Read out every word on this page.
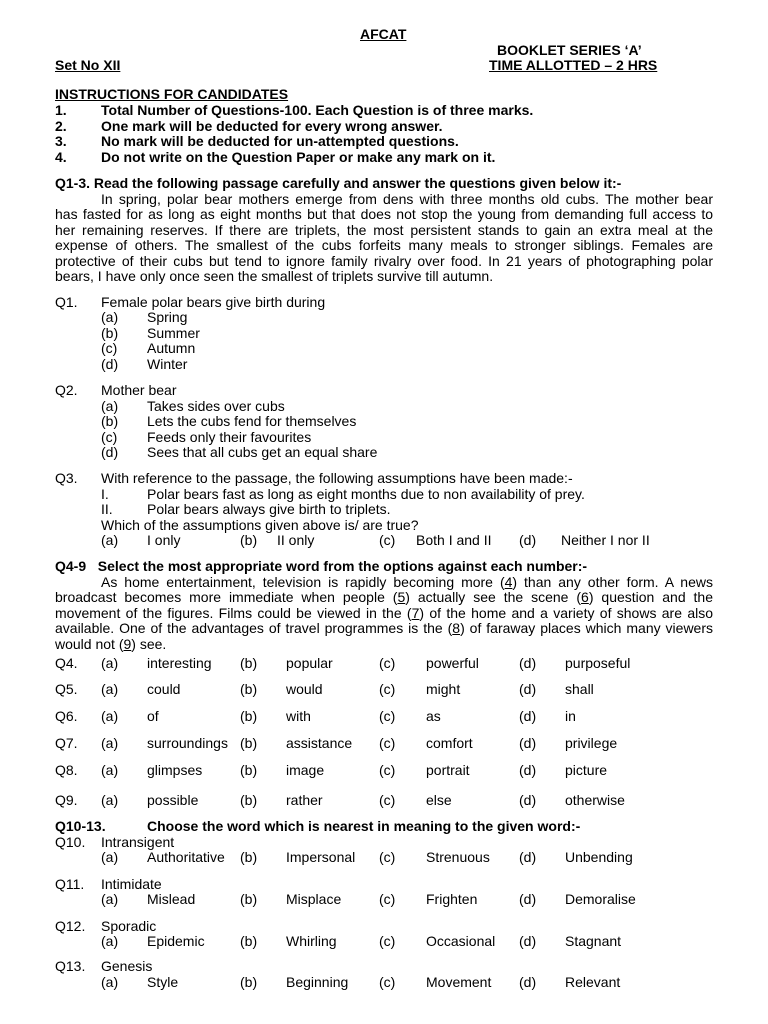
AFCAT
BOOKLET SERIES ‘A’
Set No XII	TIME ALLOTTED – 2 HRS
INSTRUCTIONS FOR CANDIDATES
1. Total Number of Questions-100. Each Question is of three marks.
2. One mark will be deducted for every wrong answer.
3. No mark will be deducted for un-attempted questions.
4. Do not write on the Question Paper or make any mark on it.
Q1-3. Read the following passage carefully and answer the questions given below it:-
In spring, polar bear mothers emerge from dens with three months old cubs. The mother bear
has fasted for as long as eight months but that does not stop the young from demanding full access to
her remaining reserves. If there are triplets, the most persistent stands to gain an extra meal at the
expense of others. The smallest of the cubs forfeits many meals to stronger siblings. Females are
protective of their cubs but tend to ignore family rivalry over food. In 21 years of photographing polar
bears, I have only once seen the smallest of triplets survive till autumn.
Q1. Female polar bears give birth during
(a) Spring
(b) Summer
(c) Autumn
(d) Winter
Q2. Mother bear
(a) Takes sides over cubs
(b) Lets the cubs fend for themselves
(c) Feeds only their favourites
(d) Sees that all cubs get an equal share
Q3. With reference to the passage, the following assumptions have been made:-
I.	Polar bears fast as long as eight months due to non availability of prey.
II. Polar bears always give birth to triplets.
Which of the assumptions given above is/ are true?
(a) I only	(b) II only	(c) Both I and II (d) Neither I nor II
Q4-9   Select the most appropriate word from the options against each number:-
As home entertainment, television is rapidly becoming more (4) than any other form. A news
broadcast becomes more immediate when people (5) actually see the scene (6) question and the
movement of the figures. Films could be viewed in the (7) of the home and a variety of shows are also
available. One of the advantages of travel programmes is the (8) of faraway places which many viewers
would not (9) see.
Q4. (a) interesting (b) popular	(c) powerful	(d) purposeful
Q5. (a) could	(b) would	(c) might	(d) shall
Q6. (a) of	(b) with	(c) as	(d) in
Q7. (a) surroundings (b) assistance (c) comfort	(d) privilege
Q8. (a) glimpses	(b) image	(c) portrait	(d) picture
Q9. (a) possible	(b) rather	(c) else	(d) otherwise
Q10-13.	Choose the word which is nearest in meaning to the given word:-
Q10. Intransigent
(a) Authoritative (b) Impersonal (c) Strenuous (d) Unbending
Q11. Intimidate
(a) Mislead	(b) Misplace	(c) Frighten	(d) Demoralise
Q12. Sporadic
(a) Epidemic	(b) Whirling	(c) Occasional (d) Stagnant
Q13. Genesis
(a) Style	(b) Beginning (c) Movement (d) Relevant
